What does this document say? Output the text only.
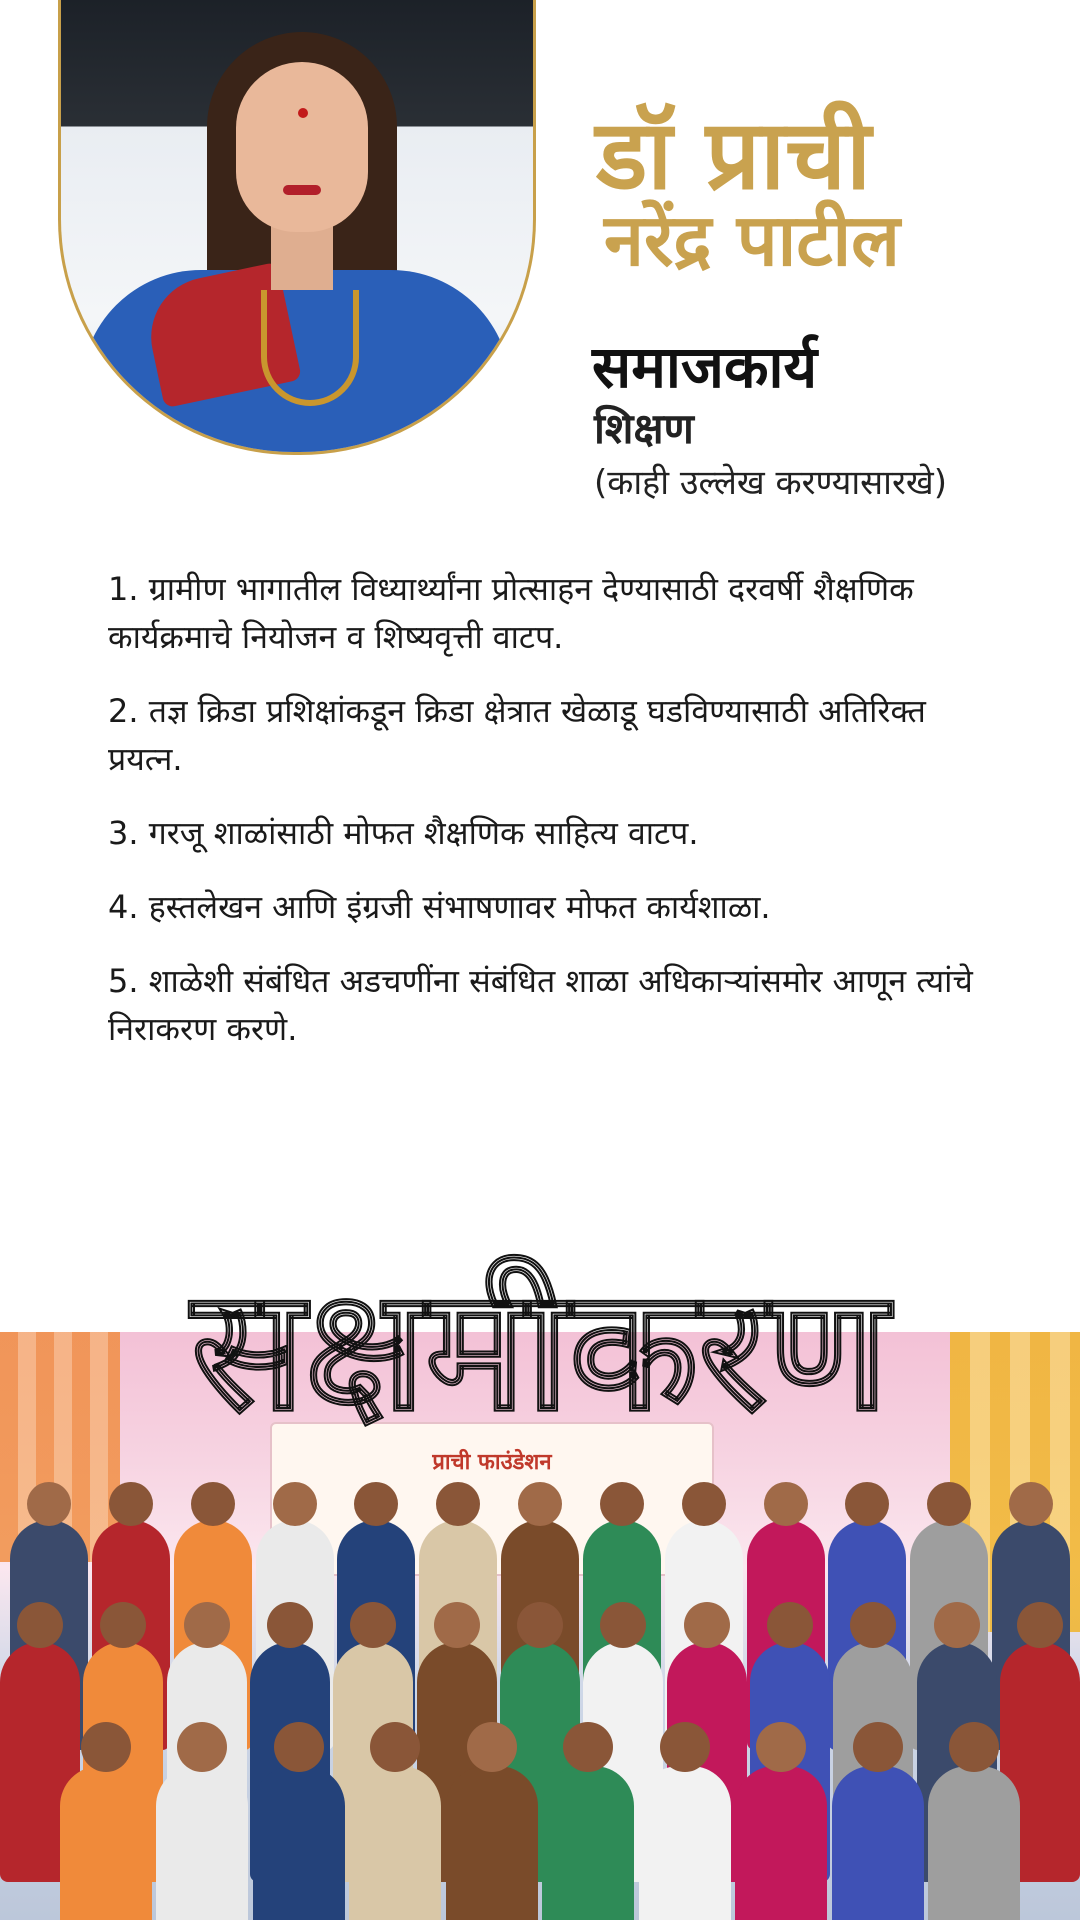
डॉ प्राची
नरेंद्र पाटील
समाजकार्य
शिक्षण
(काही उल्लेख करण्यासारखे)
1. ग्रामीण भागातील विध्यार्थ्यांना प्रोत्साहन देण्यासाठी दरवर्षी शैक्षणिक कार्यक्रमाचे नियोजन व शिष्यवृत्ती वाटप.
2. तज्ञ क्रिडा प्रशिक्षांकडून क्रिडा क्षेत्रात खेळाडू घडविण्यासाठी अतिरिक्त प्रयत्न.
3. गरजू शाळांसाठी मोफत शैक्षणिक साहित्य वाटप.
4. हस्तलेखन आणि इंग्रजी संभाषणावर मोफत कार्यशाळा.
5. शाळेशी संबंधित अडचणींना संबंधित शाळा अधिकाऱ्यांसमोर आणून त्यांचे निराकरण करणे.
सक्षमीकरण
प्राची फाउंडेशन
